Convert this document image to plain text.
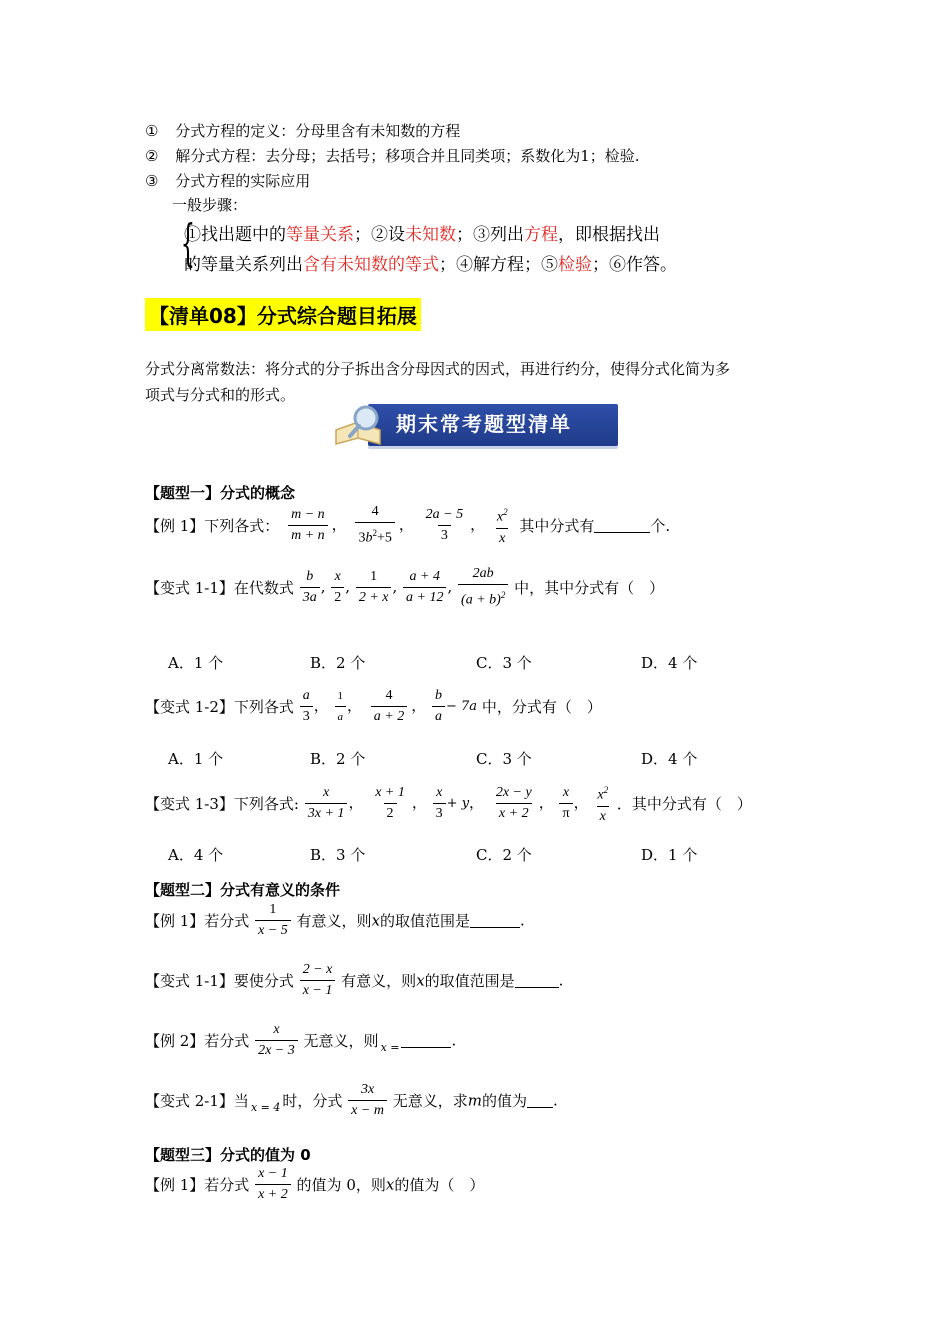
① 分式方程的定义：分母里含有未知数的方程
② 解分式方程：去分母；去括号；移项合并且同类项；系数化为1；检验.
③ 分式方程的实际应用
一般步骤：
{
①找出题中的等量关系；②设未知数；③列出方程，即根据找出
的等量关系列出含有未知数的等式；④解方程；⑤检验；⑥作答。
【清单08】分式综合题目拓展
分式分离常数法：将分式的分子拆出含分母因式的因式，再进行约分，使得分式化简为多
项式与分式和的形式。
期末常考题型清单
【题型一】分式的概念
【例 1】下列各式： $\frac{m - n}{m + n}$ ， $\frac{4}{3b^2+5}$ ， $\frac{2a - 5}{3}$ ， $\frac{x^2}{x}$ 其中分式有	个.
【变式 1-1】在代数式 $\frac{b}{3a}$ , $\frac{x}{2}$ , $\frac{1}{2 + x}$ , $\frac{a + 4}{a + 12}$ , $\frac{2ab}{(a + b)^2}$ 中，其中分式有（　）
A．1 个	B．2 个	C．3 个	D．4 个
【变式 1-2】下列各式 $\frac{a}{3}$ ， $\frac{1}{a}$ ， $\frac{4}{a + 2}$ ， $\frac{b}{a} - 7a$ 中，分式有（　）
A．1 个	B．2 个	C．3 个	D．4 个
【变式 1-3】下列各式: $\frac{x}{3x + 1}$ ， $\frac{x + 1}{2}$ ， $\frac{x}{3} + y$， $\frac{2x - y}{x + 2}$ ， $\frac{x}{\pi}$ ， $\frac{x^2}{x}$ ．其中分式有（　）
A．4 个	B．3 个	C．2 个	D．1 个
【题型二】分式有意义的条件
【例 1】若分式 $\frac{1}{x - 5}$ 有意义，则x的取值范围是	.
【变式 1-1】要使分式 $\frac{2 - x}{x - 1}$ 有意义，则x的取值范围是	.
【例 2】若分式 $\frac{x}{2x - 3}$ 无意义，则 $_{x =}$	.
【变式 2-1】当 $_{x = 4}$ 时，分式 $\frac{3x}{x - m}$ 无意义，求m的值为 .
【题型三】分式的值为 0
【例 1】若分式 $\frac{x - 1}{x + 2}$ 的值为 0，则x的值为（　）
